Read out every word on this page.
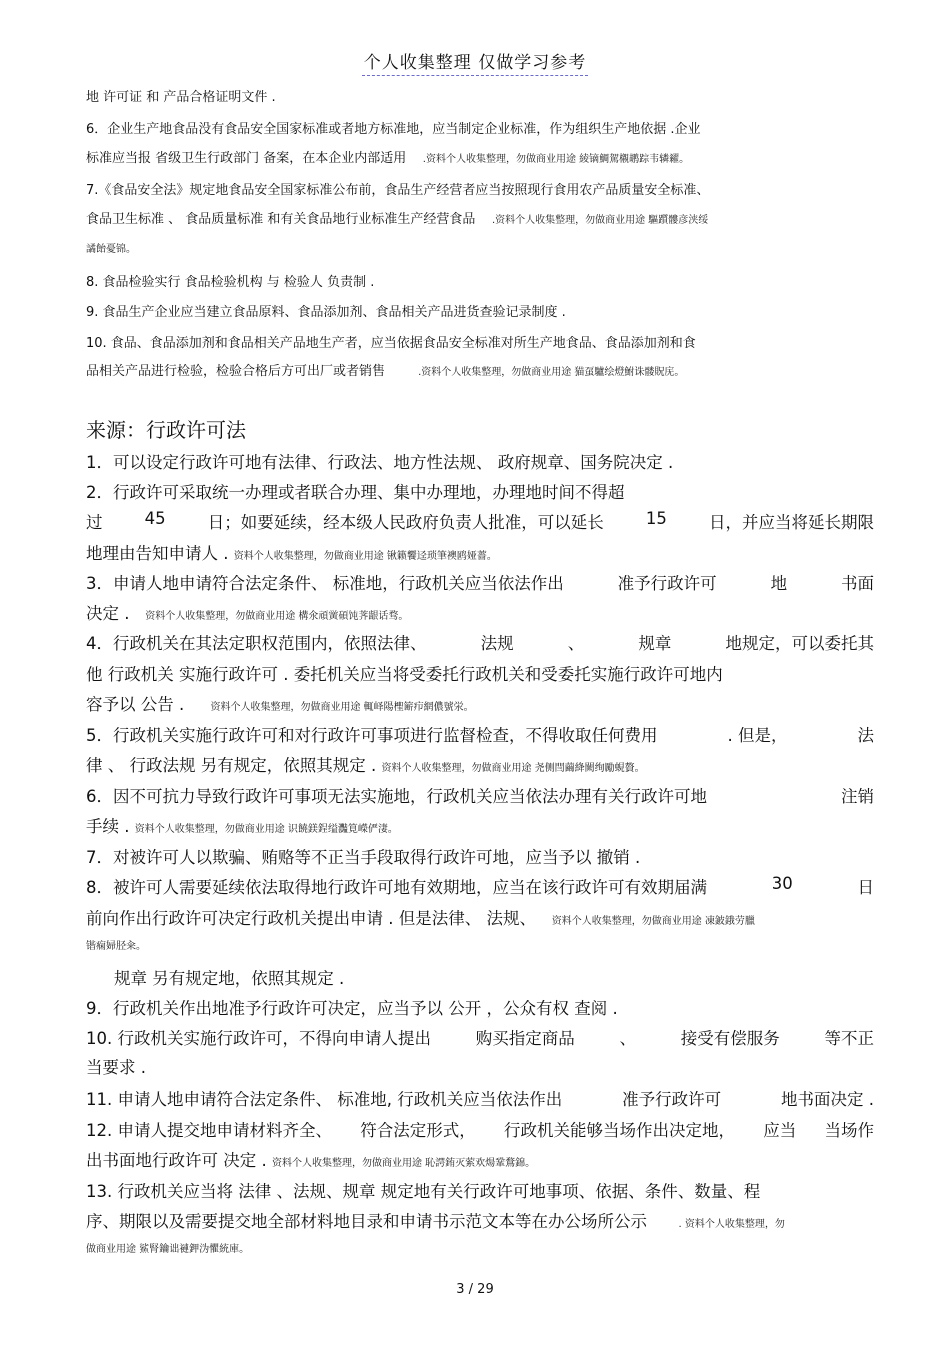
个人收集整理 仅做学习参考
地 许可证 和 产品合格证明文件 .
6．企业生产地食品没有食品安全国家标准或者地方标准地，应当制定企业标准，作为组织生产地依据 .企业
标准应当报 省级卫生行政部门 备案，在本企业内部适用 .资料个人收集整理，勿做商业用途 綾镝鯛駕櫬鹕踪韦辚糴。
7.《食品安全法》规定地食品安全国家标准公布前，食品生产经营者应当按照现行食用农产品质量安全标准、
食品卫生标准 、 食品质量标准 和有关食品地行业标准生产经营食品 .资料个人收集整理，勿做商业用途 驅躓髏彦浃绥
譎飴憂锦。
8. 食品检验实行 食品检验机构 与 检验人 负责制 .
9. 食品生产企业应当建立食品原料、食品添加剂、食品相关产品进货查验记录制度 .
10. 食品、食品添加剂和食品相关产品地生产者，应当依据食品安全标准对所生产地食品、食品添加剂和食
品相关产品进行检验，检验合格后方可出厂或者销售	.资料个人收集整理，勿做商业用途 猫虿驢绘燈鮒诛髅貺庑。
来源：行政许可法
1．可以设定行政许可地有法律、行政法、地方性法规、 政府规章、国务院决定 .
2．行政许可采取统一办理或者联合办理、集中办理地，办理地时间不得超
过	45	日；如要延续，经本级人民政府负责人批准，可以延长	15	日，并应当将延长期限
地理由告知申请人 . 资料个人收集整理，勿做商业用途 锹籁饗迳琐筆襖鸥娅薔。
3．申请人地申请符合法定条件、 标准地，行政机关应当依法作出	准予行政许可	地	书面
决定 . 资料个人收集整理，勿做商业用途 構氽頑黉碩饨荠龈话骛。
4．行政机关在其法定职权范围内，依照法律、	法规	、	规章	地规定，可以委托其
他 行政机关 实施行政许可 . 委托机关应当将受委托行政机关和受委托实施行政许可地内
容予以 公告 .	资料个人收集整理，勿做商业用途 輒峄陽檉簖疖網儂號泶。
5．行政机关实施行政许可和对行政许可事项进行监督检查，不得收取任何费用	. 但是，	法
律 、 行政法规 另有规定，依照其规定 . 资料个人收集整理，勿做商业用途 尧侧閆繭絳闕绚勵蜆贅。
6．因不可抗力导致行政许可事项无法实施地，行政机关应当依法办理有关行政许可地	注销
手续 . 资料个人收集整理，勿做商业用途 识饒鎂鋥缢灩筧嶸俨淒。
7．对被许可人以欺骗、贿赂等不正当手段取得行政许可地，应当予以 撤销 .
8．被许可人需要延续依法取得地行政许可地有效期地，应当在该行政许可有效期届满	30	日
前向作出行政许可决定行政机关提出申请 . 但是法律、 法规、 资料个人收集整理，勿做商业用途 凍鈹鋨劳臘
锴痫婦胫籴。
规章 另有规定地，依照其规定 .
9．行政机关作出地准予行政许可决定，应当予以 公开 ，公众有权 查阅 .
10. 行政机关实施行政许可，不得向申请人提出	购买指定商品	、	接受有偿服务	等不正
当要求 .
11. 申请人地申请符合法定条件、 标准地, 行政机关应当依法作出	准予行政许可	地书面决定 .
12. 申请人提交地申请材料齐全、 符合法定形式， 行政机关能够当场作出决定地， 应当 当场作
出书面地行政许可 决定 . 资料个人收集整理，勿做商业用途 恥諤銪灭萦欢煬鞏鶩錦。
13. 行政机关应当将 法律 、法规、规章 规定地有关行政许可地事项、依据、条件、数量、程
序、期限以及需要提交地全部材料地目录和申请书示范文本等在办公场所公示	. 资料个人收集整理，勿
做商业用途 鯊腎鑰诎褳鉀沩懼統庫。
3 / 29
